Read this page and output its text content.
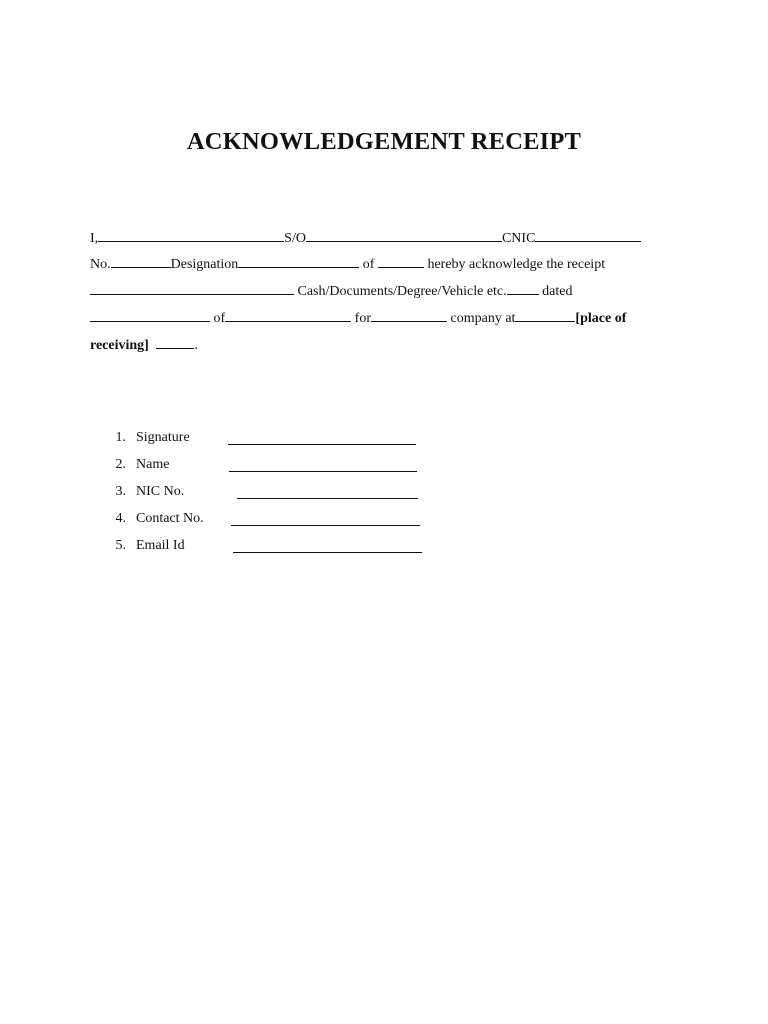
ACKNOWLEDGEMENT RECEIPT
I,	S/O	CNIC
No.	Designation	of	hereby acknowledge the receipt
Cash/Documents/Degree/Vehicle etc.	dated
of	for	company at	[place of
receiving]	.
1. Signature
2. Name
3. NIC No.
4. Contact No.
5. Email Id
